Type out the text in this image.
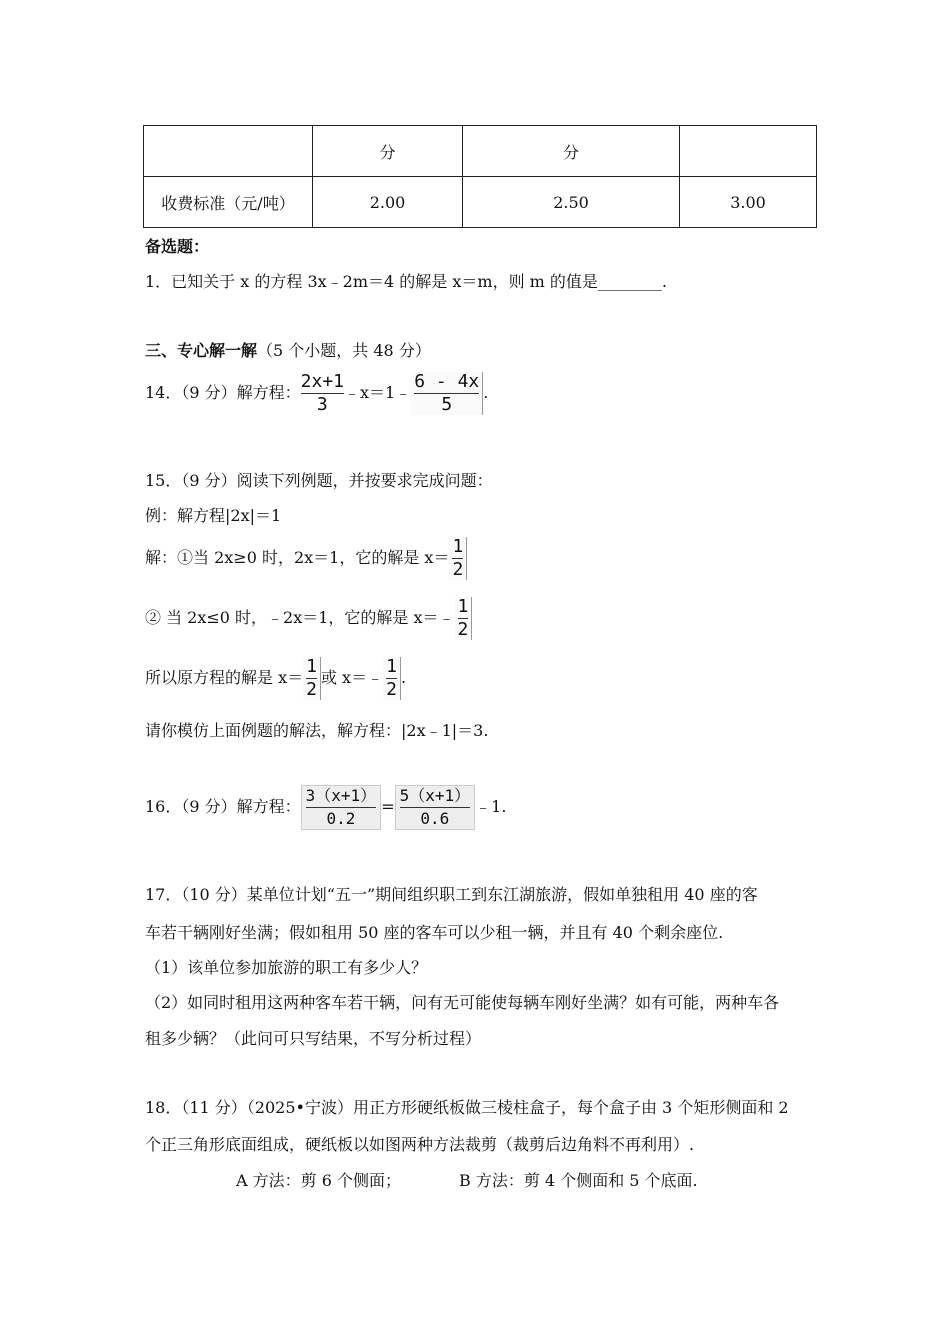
	分	分	
收费标准（元/吨）	2.00	2.50	3.00
备选题：
1．已知关于 x 的方程 3x﹣2m＝4 的解是 x＝m，则 m 的值是________.
三、专心解一解（5 个小题，共 48 分）
14．（9 分）解方程： $\frac{2x+1}{3}$ ﹣x＝1﹣ $\frac{6 - 4x}{5}$ .
15．（9 分）阅读下列例题，并按要求完成问题：
例：解方程|2x|＝1
解：①当 2x≥0 时，2x＝1，它的解是 $x= \frac{1}{2}$
② 当 2x≤0 时，﹣2x＝1，它的解是 x＝﹣ $\frac{1}{2}$
所以原方程的解是 $x= \frac{1}{2}$ 或 x＝﹣ $\frac{1}{2}$ .
请你模仿上面例题的解法，解方程：|2x﹣1|＝3.
16．（9 分）解方程： $\frac{3(x+1)}{0.2} = \frac{5(x+1)}{0.6}$ ﹣1.
17．（10 分）某单位计划“五一”期间组织职工到东江湖旅游，假如单独租用 40 座的客
车若干辆刚好坐满；假如租用 50 座的客车可以少租一辆，并且有 40 个剩余座位.
（1）该单位参加旅游的职工有多少人？
（2）如同时租用这两种客车若干辆，问有无可能使每辆车刚好坐满？如有可能，两种车各
租多少辆？（此问可只写结果，不写分析过程）
18．（11 分）（2025•宁波）用正方形硬纸板做三棱柱盒子，每个盒子由 3 个矩形侧面和 2
个正三角形底面组成，硬纸板以如图两种方法裁剪（裁剪后边角料不再利用）.
A 方法：剪 6 个侧面；	B 方法：剪 4 个侧面和 5 个底面.
